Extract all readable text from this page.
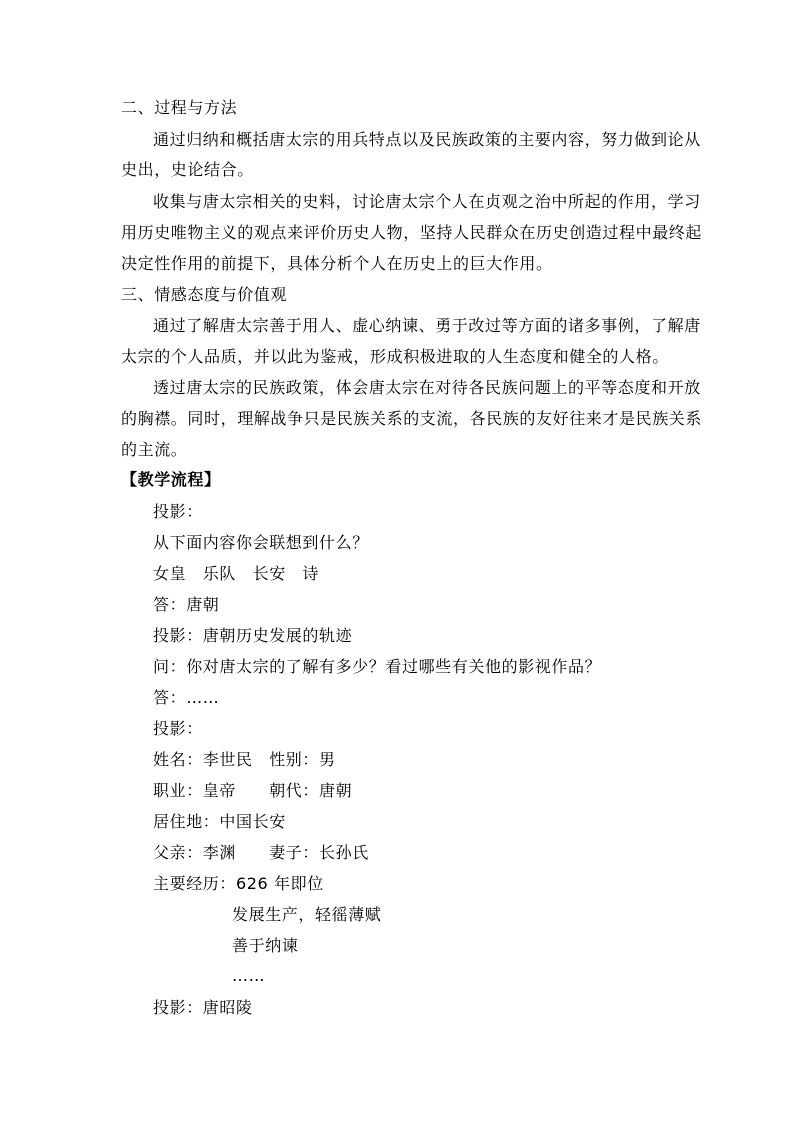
二、过程与方法
通过归纳和概括唐太宗的用兵特点以及民族政策的主要内容，努力做到论从
史出，史论结合。
收集与唐太宗相关的史料，讨论唐太宗个人在贞观之治中所起的作用，学习
用历史唯物主义的观点来评价历史人物，坚持人民群众在历史创造过程中最终起
决定性作用的前提下，具体分析个人在历史上的巨大作用。
三、情感态度与价值观
通过了解唐太宗善于用人、虚心纳谏、勇于改过等方面的诸多事例，了解唐
太宗的个人品质，并以此为鉴戒，形成积极进取的人生态度和健全的人格。
透过唐太宗的民族政策，体会唐太宗在对待各民族问题上的平等态度和开放
的胸襟。同时，理解战争只是民族关系的支流，各民族的友好往来才是民族关系
的主流。
【教学流程】
投影：
从下面内容你会联想到什么？
女皇　乐队　长安　诗
答：唐朝
投影：唐朝历史发展的轨迹
问：你对唐太宗的了解有多少？看过哪些有关他的影视作品？
答：……
投影：
姓名：李世民　性别：男
职业：皇帝　　朝代：唐朝
居住地：中国长安
父亲：李渊　　妻子：长孙氏
主要经历：626 年即位
发展生产，轻徭薄赋
善于纳谏
……
投影：唐昭陵
